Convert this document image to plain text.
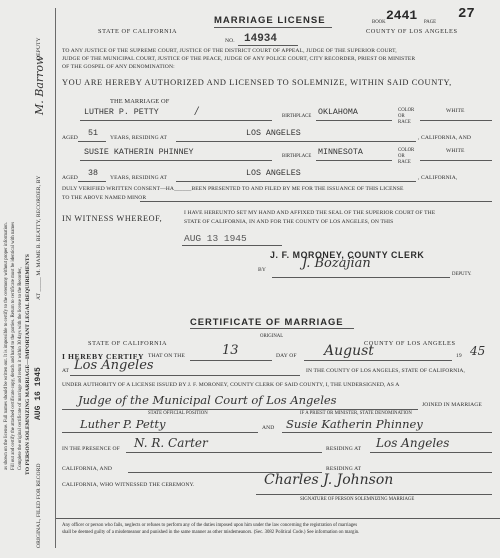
as shown on the license. Full names should be written out. It is impossible to certify to the ceremony without proper information. Fill out and certify the attached certificate copy, detach and hand to the parties. Return to certificate must be identical with names Complete the original certificate of marriage and return it within 30 days with the license to the Recorder, TO PERSON SOLEMNIZING MARRIAGE—IMPORTANT LEGAL REQUIREMENTS
ORIGINAL, FILED FOR RECORD
AUG 16 1945
AT _____ M. MAME B. BEATTY, RECORDER, BY
M. Barrow
DEPUTY
STATE OF CALIFORNIA
MARRIAGE LICENSE
NO. 14934
BOOK 2441 PAGE
27
COUNTY OF LOS ANGELES
TO ANY JUSTICE OF THE SUPREME COURT, JUSTICE OF THE DISTRICT COURT OF APPEAL, JUDGE OF THE SUPERIOR COURT,
JUDGE OF THE MUNICIPAL COURT, JUSTICE OF THE PEACE, JUDGE OF ANY POLICE COURT, CITY RECORDER, PRIEST OR MINISTER
OF THE GOSPEL OF ANY DENOMINATION:
YOU ARE HEREBY AUTHORIZED AND LICENSED TO SOLEMNIZE, WITHIN SAID COUNTY,
THE MARRIAGE OF
LUTHER P. PETTY	/	BIRTHPLACE OKLAHOMA	COLOR
OR
RACE
WHITE
AGED 51 YEARS, RESIDING AT	LOS ANGELES	, CALIFORNIA, AND
SUSIE KATHERIN PHINNEY	BIRTHPLACE MINNESOTA	COLOR
OR
RACE
WHITE
AGED 38 YEARS, RESIDING AT	LOS ANGELES	, CALIFORNIA,
DULY VERIFIED WRITTEN CONSENT—HA______BEEN PRESENTED TO AND FILED BY ME FOR THE ISSUANCE OF THIS LICENSE
TO THE ABOVE NAMED MINOR
IN WITNESS WHEREOF,
I HAVE HEREUNTO SET MY HAND AND AFFIXED THE SEAL OF THE SUPERIOR COURT OF THE
STATE OF CALIFORNIA, IN AND FOR THE COUNTY OF LOS ANGELES, ON THIS
AUG 13 1945
J. F. MORONEY, COUNTY CLERK
BY	J. Bozajian
DEPUTY.
CERTIFICATE OF MARRIAGE
ORIGINAL
STATE OF CALIFORNIA	COUNTY OF LOS ANGELES
I HEREBY CERTIFY THAT ON THE	13	DAY OF August	19 45
AT Los Angeles	IN THE COUNTY OF LOS ANGELES, STATE OF CALIFORNIA,
UNDER AUTHORITY OF A LICENSE ISSUED BY J. F. MORONEY, COUNTY CLERK OF SAID COUNTY, I, THE UNDERSIGNED, AS A
Judge of the Municipal Court of Los Angeles
STATE OFFICIAL POSITION	IF A PRIEST OR MINISTER, STATE DENOMINATION
JOINED IN MARRIAGE
Luther P. Petty	AND Susie Katherin Phinney
IN THE PRESENCE OF N. R. Carter	RESIDING AT Los Angeles
CALIFORNIA, AND	RESIDING AT
CALIFORNIA, WHO WITNESSED THE CEREMONY.	Charles J. Johnson
SIGNATURE OF PERSON SOLEMNIZING MARRIAGE
Any officer or person who fails, neglects or refuses to perform any of the duties imposed upon him under the law concerning the registration of marriages
shall be deemed guilty of a misdemeanor and punished in the same manner as other misdemeanors. (Sec. 3082 Political Code.) See information on margin.
